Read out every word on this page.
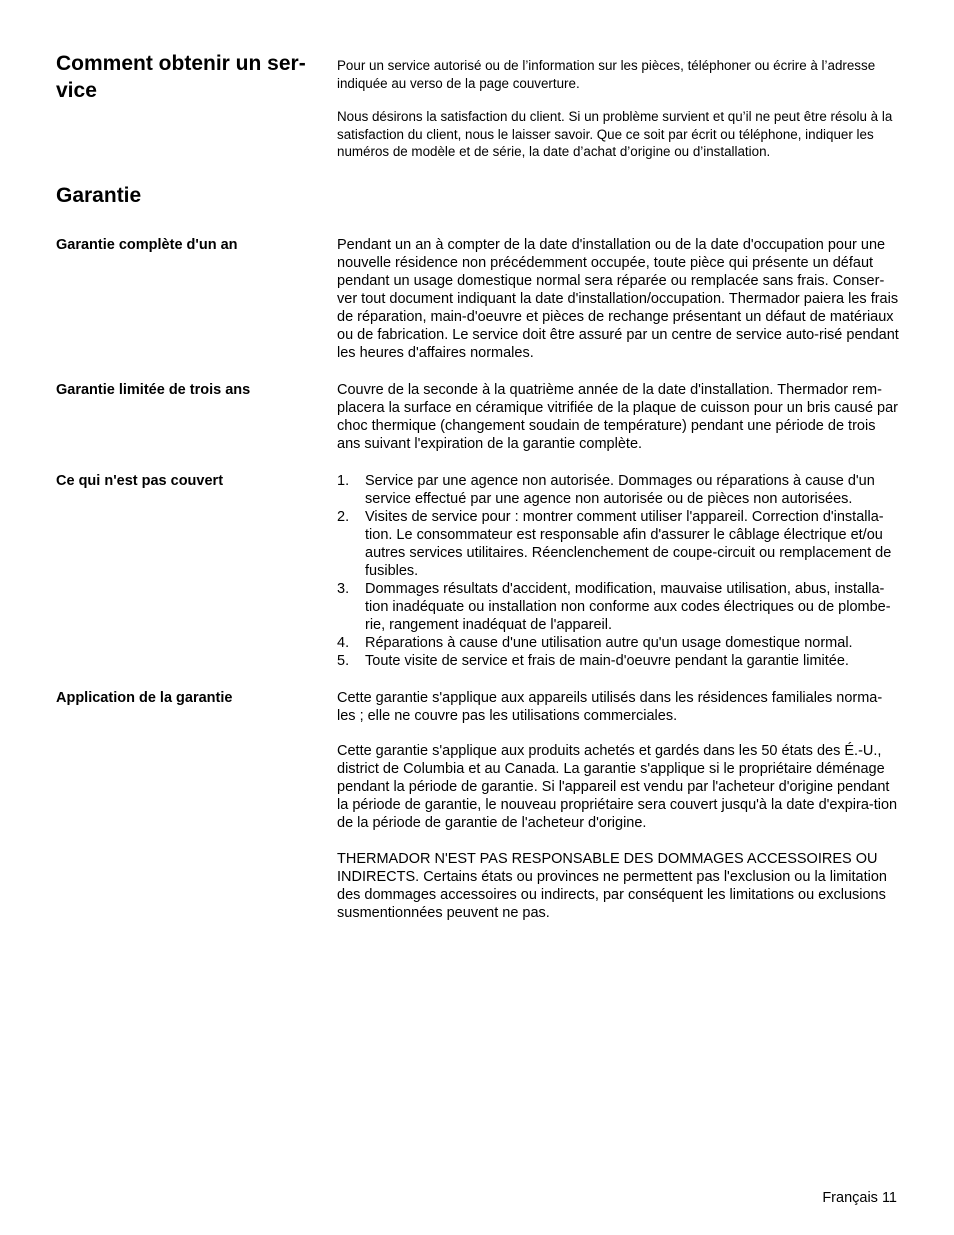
Comment obtenir un ser-
vice

Pour un service autorisé ou de l’information sur les pièces, téléphoner ou écrire à l’adresse indiquée au verso de la page couverture.

Nous désirons la satisfaction du client. Si un problème survient et qu’il ne peut être résolu à la satisfaction du client, nous le laisser savoir. Que ce soit par écrit ou téléphone, indiquer les numéros de modèle et de série, la date d’achat d’origine ou d’installation.

Garantie
Garantie complète d'un an	Pendant un an à compter de la date d'installation ou de la date d'occupation pour une nouvelle résidence non précédemment occupée, toute pièce qui présente un défaut pendant un usage domestique normal sera réparée ou remplacée sans frais. Conser-ver tout document indiquant la date d'installation/occupation. Thermador paiera les frais de réparation, main-d'oeuvre et pièces de rechange présentant un défaut de matériaux ou de fabrication. Le service doit être assuré par un centre de service auto-risé pendant les heures d'affaires normales.

Garantie limitée de trois ans	Couvre de la seconde à la quatrième année de la date d'installation. Thermador rem-placera la surface en céramique vitrifiée de la plaque de cuisson pour un bris causé par choc thermique (changement soudain de température) pendant une période de trois ans suivant l'expiration de la garantie complète.

Ce qui n'est pas couvert	1. Service par une agence non autorisée. Dommages ou réparations à cause d'un service effectué par une agence non autorisée ou de pièces non autorisées.
2. Visites de service pour : montrer comment utiliser l'appareil. Correction d'installa-tion. Le consommateur est responsable afin d'assurer le câblage électrique et/ou autres services utilitaires. Réenclenchement de coupe-circuit ou remplacement de fusibles.
3. Dommages résultats d'accident, modification, mauvaise utilisation, abus, installa-tion inadéquate ou installation non conforme aux codes électriques ou de plombe-rie, rangement inadéquat de l'appareil.
4. Réparations à cause d'une utilisation autre qu'un usage domestique normal.
5. Toute visite de service et frais de main-d'oeuvre pendant la garantie limitée.
Application de la garantie	Cette garantie s'applique aux appareils utilisés dans les résidences familiales norma-les ; elle ne couvre pas les utilisations commerciales.

Cette garantie s'applique aux produits achetés et gardés dans les 50 états des É.-U., district de Columbia et au Canada. La garantie s'applique si le propriétaire déménage pendant la période de garantie. Si l'appareil est vendu par l'acheteur d'origine pendant la période de garantie, le nouveau propriétaire sera couvert jusqu'à la date d'expira-tion de la période de garantie de l'acheteur d'origine.

THERMADOR N'EST PAS RESPONSABLE DES DOMMAGES ACCESSOIRES OU INDIRECTS. Certains états ou provinces ne permettent pas l'exclusion ou la limitation des dommages accessoires ou indirects, par conséquent les limitations ou exclusions susmentionnées peuvent ne pas.

Français 11
